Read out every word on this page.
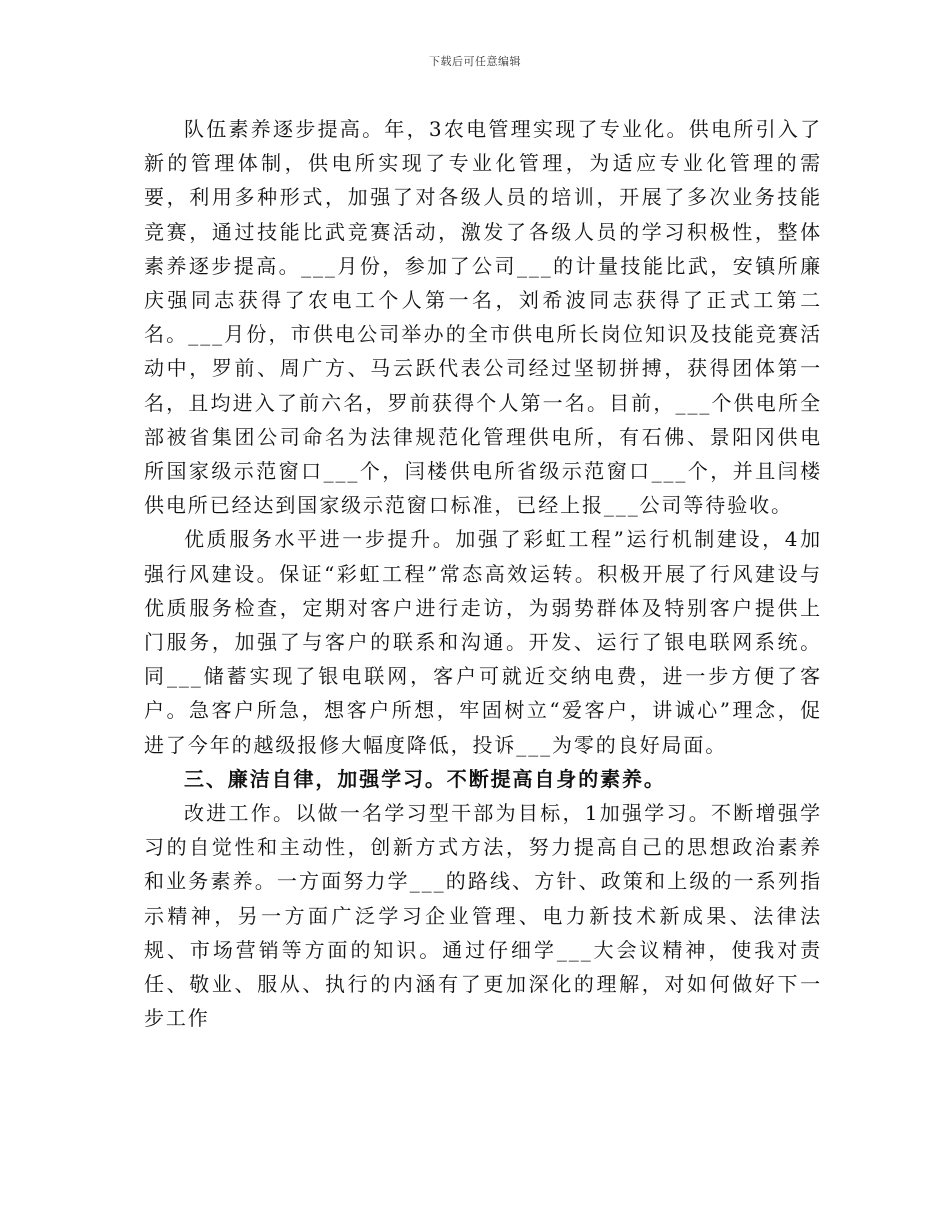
下载后可任意编辑

队伍素养逐步提高。年，3农电管理实现了专业化。供电所引入了新的管理体制，供电所实现了专业化管理，为适应专业化管理的需要，利用多种形式，加强了对各级人员的培训，开展了多次业务技能竞赛，通过技能比武竞赛活动，激发了各级人员的学习积极性，整体素养逐步提高。___月份，参加了公司___的计量技能比武，安镇所廉庆强同志获得了农电工个人第一名，刘希波同志获得了正式工第二名。___月份，市供电公司举办的全市供电所长岗位知识及技能竞赛活动中，罗前、周广方、马云跃代表公司经过坚韧拼搏，获得团体第一名，且均进入了前六名，罗前获得个人第一名。目前，___个供电所全部被省集团公司命名为法律规范化管理供电所，有石佛、景阳冈供电所国家级示范窗口___个，闫楼供电所省级示范窗口___个，并且闫楼供电所已经达到国家级示范窗口标准，已经上报___公司等待验收。

优质服务水平进一步提升。加强了彩虹工程”运行机制建设，4加强行风建设。保证“彩虹工程”常态高效运转。积极开展了行风建设与优质服务检查，定期对客户进行走访，为弱势群体及特别客户提供上门服务，加强了与客户的联系和沟通。开发、运行了银电联网系统。同___储蓄实现了银电联网，客户可就近交纳电费，进一步方便了客户。急客户所急，想客户所想，牢固树立“爱客户，讲诚心”理念，促进了今年的越级报修大幅度降低，投诉___为零的良好局面。

三、廉洁自律，加强学习。不断提高自身的素养。

改进工作。以做一名学习型干部为目标，1加强学习。不断增强学习的自觉性和主动性，创新方式方法，努力提高自己的思想政治素养和业务素养。一方面努力学___的路线、方针、政策和上级的一系列指示精神，另一方面广泛学习企业管理、电力新技术新成果、法律法规、市场营销等方面的知识。通过仔细学___大会议精神，使我对责任、敬业、服从、执行的内涵有了更加深化的理解，对如何做好下一步工作
